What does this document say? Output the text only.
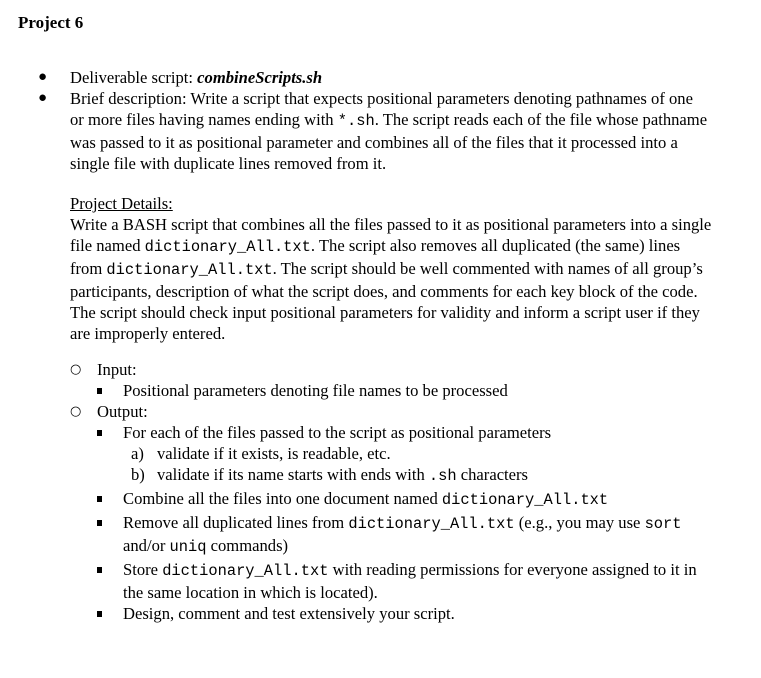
Project 6
● Deliverable script: combineScripts.sh
● Brief description: Write a script that expects positional parameters denoting pathnames of one or more files having names ending with *.sh. The script reads each of the file whose pathname was passed to it as positional parameter and combines all of the files that it processed into a single file with duplicate lines removed from it.
Project Details:
Write a BASH script that combines all the files passed to it as positional parameters into a single file named dictionary_All.txt. The script also removes all duplicated (the same) lines from dictionary_All.txt. The script should be well commented with names of all group’s participants, description of what the script does, and comments for each key block of the code. The script should check input positional parameters for validity and inform a script user if they are improperly entered.
○ Input:
Positional parameters denoting file names to be processed
○ Output:
For each of the files passed to the script as positional parameters
a) validate if it exists, is readable, etc.
b) validate if its name starts with ends with .sh characters
Combine all the files into one document named dictionary_All.txt
Remove all duplicated lines from dictionary_All.txt (e.g., you may use sort and/or uniq commands)
Store dictionary_All.txt with reading permissions for everyone assigned to it in the same location in which is located).
Design, comment and test extensively your script.
